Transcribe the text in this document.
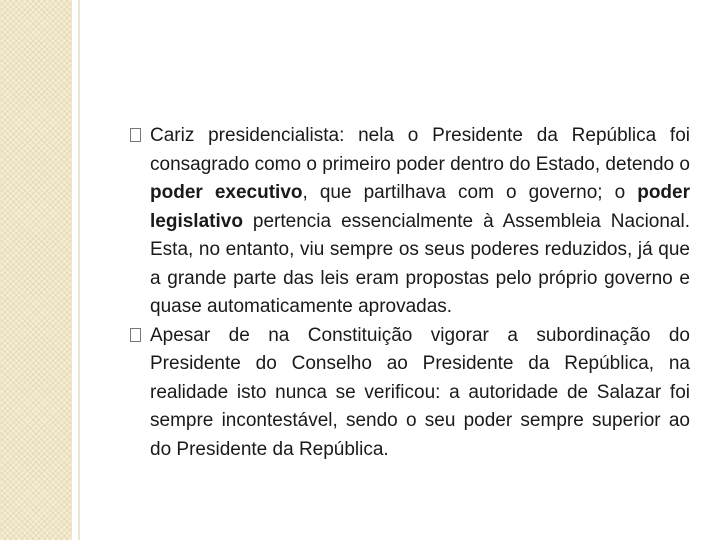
Cariz presidencialista: nela o Presidente da República foi consagrado como o primeiro poder dentro do Estado, detendo o poder executivo, que partilhava com o governo; o poder legislativo pertencia essencialmente à Assembleia Nacional. Esta, no entanto, viu sempre os seus poderes reduzidos, já que a grande parte das leis eram propostas pelo próprio governo e quase automaticamente aprovadas.

Apesar de na Constituição vigorar a subordinação do Presidente do Conselho ao Presidente da República, na realidade isto nunca se verificou: a autoridade de Salazar foi sempre incontestável, sendo o seu poder sempre superior ao do Presidente da República.
